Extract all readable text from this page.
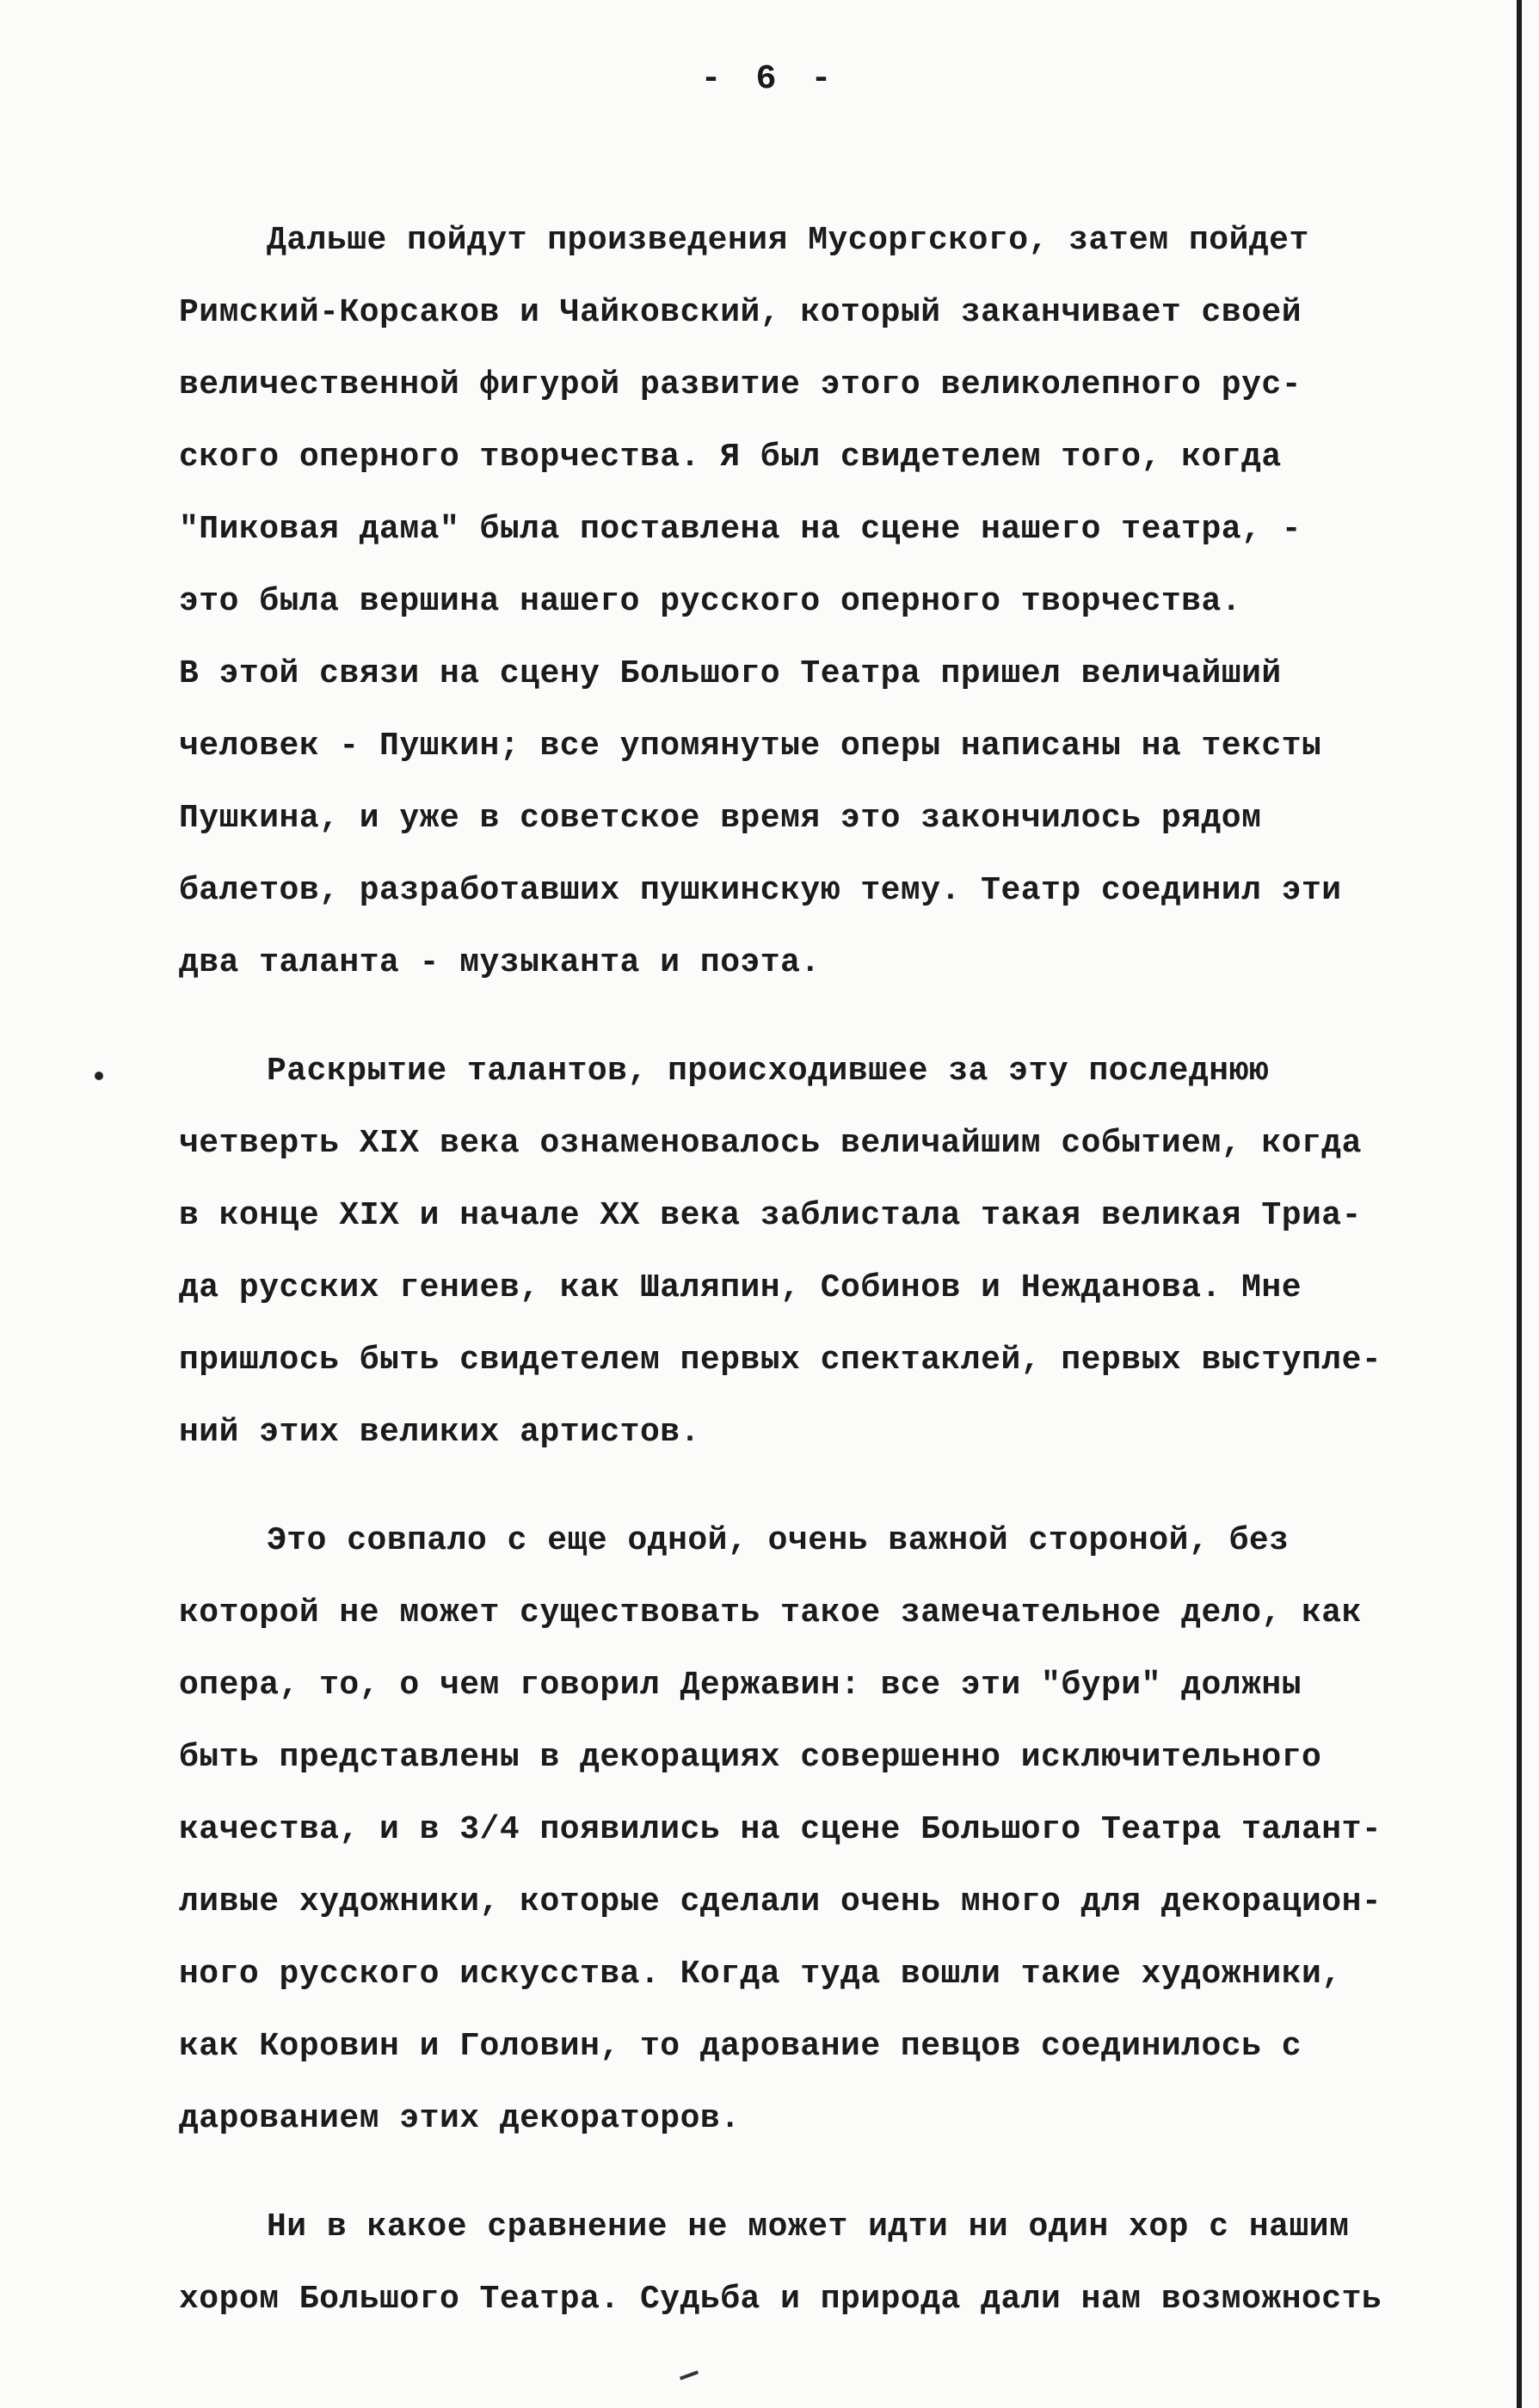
- 6 -
Дальше пойдут произведения Мусоргского, затем пойдет
Римский-Корсаков и Чайковский, который заканчивает своей
величественной фигурой развитие этого великолепного рус-
ского оперного творчества. Я был свидетелем того, когда
"Пиковая дама" была поставлена на сцене нашего театра, -
это была вершина нашего русского оперного творчества.
В этой связи на сцену Большого Театра пришел величайший
человек - Пушкин; все упомянутые оперы написаны на тексты
Пушкина, и уже в советское время это закончилось рядом
балетов, разработавших пушкинскую тему. Театр соединил эти
два таланта - музыканта и поэта.
Раскрытие талантов, происходившее за эту последнюю
четверть XIX века ознаменовалось величайшим событием, когда
в конце XIX и начале XX века заблистала такая великая Триа-
да русских гениев, как Шаляпин, Собинов и Нежданова. Мне
пришлось быть свидетелем первых спектаклей, первых выступле-
ний этих великих артистов.
Это совпало с еще одной, очень важной стороной, без
которой не может существовать такое замечательное дело, как
опера, то, о чем говорил Державин: все эти "бури" должны
быть представлены в декорациях совершенно исключительного
качества, и в 3/4 появились на сцене Большого Театра талант-
ливые художники, которые сделали очень много для декорацион-
ного русского искусства. Когда туда вошли такие художники,
как Коровин и Головин, то дарование певцов соединилось с
дарованием этих декораторов.
Ни в какое сравнение не может идти ни один хор с нашим
хором Большого Театра. Судьба и природа дали нам возможность
